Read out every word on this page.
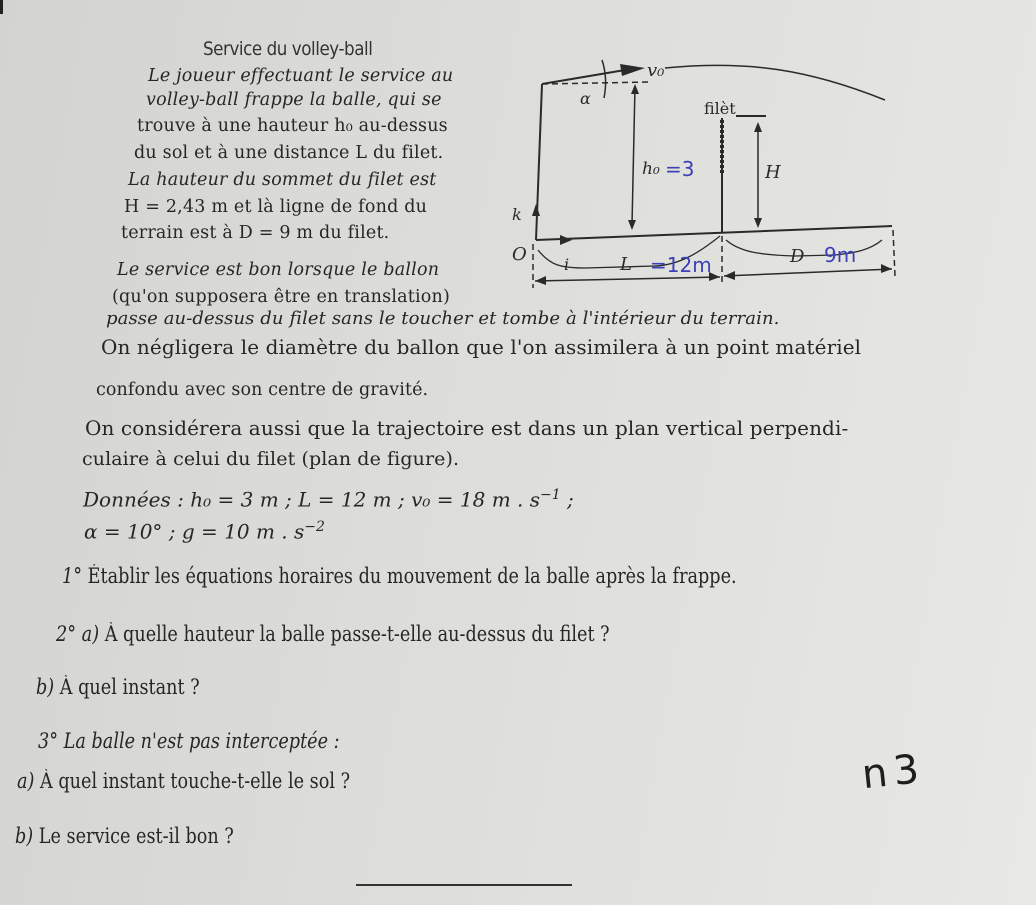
Service du volley-ball
Le joueur effectuant le service au
volley-ball frappe la balle, qui se
trouve à une hauteur h₀ au-dessus
du sol et à une distance L du filet.
La hauteur du sommet du filet est
H = 2,43 m et là ligne de fond du
terrain est à D = 9 m du filet.
Le service est bon lorsque le ballon
(qu'on supposera être en translation)
v₀
α
filèt
h₀	H
k
O i	L	D
=3
=12m	9m
passe au-dessus du filet sans le toucher et tombe à l'intérieur du terrain.
On négligera le diamètre du ballon que l'on assimilera à un point matériel
confondu avec son centre de gravité.
On considérera aussi que la trajectoire est dans un plan vertical perpendi-
culaire à celui du filet (plan de figure).
Données : h₀ = 3 m ; L = 12 m ; v₀ = 18 m . $s^{-1}$ ;
α = 10° ; g = 10 m . $s^{-2}$
1° Établir les équations horaires du mouvement de la balle après la frappe.
2° a) À quelle hauteur la balle passe-t-elle au-dessus du filet ?
b) À quel instant ?
3° La balle n'est pas interceptée :
a) À quel instant touche-t-elle le sol ?
b) Le service est-il bon ?
n3
